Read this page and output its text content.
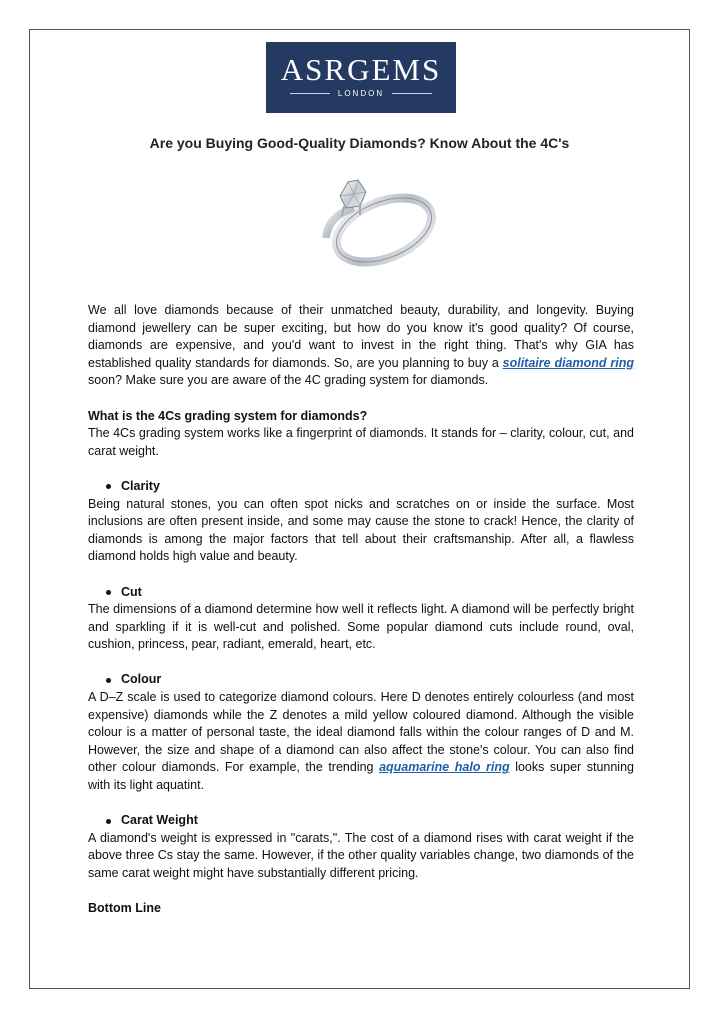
ASRGEMS
LONDON
Are you Buying Good-Quality Diamonds? Know About the 4C's

We all love diamonds because of their unmatched beauty, durability, and longevity. Buying diamond jewellery can be super exciting, but how do you know it's good quality? Of course, diamonds are expensive, and you'd want to invest in the right thing. That's why GIA has established quality standards for diamonds. So, are you planning to buy a solitaire diamond ring soon? Make sure you are aware of the 4C grading system for diamonds.

What is the 4Cs grading system for diamonds?

The 4Cs grading system works like a fingerprint of diamonds. It stands for – clarity, colour, cut, and carat weight.

Clarity

Being natural stones, you can often spot nicks and scratches on or inside the surface. Most inclusions are often present inside, and some may cause the stone to crack! Hence, the clarity of diamonds is among the major factors that tell about their craftsmanship. After all, a flawless diamond holds high value and beauty.

Cut

The dimensions of a diamond determine how well it reflects light. A diamond will be perfectly bright and sparkling if it is well-cut and polished. Some popular diamond cuts include round, oval, cushion, princess, pear, radiant, emerald, heart, etc.

Colour

A D–Z scale is used to categorize diamond colours. Here D denotes entirely colourless (and most expensive) diamonds while the Z denotes a mild yellow coloured diamond. Although the visible colour is a matter of personal taste, the ideal diamond falls within the colour ranges of D and M. However, the size and shape of a diamond can also affect the stone's colour. You can also find other colour diamonds. For example, the trending aquamarine halo ring looks super stunning with its light aquatint.

Carat Weight

A diamond's weight is expressed in "carats,". The cost of a diamond rises with carat weight if the above three Cs stay the same. However, if the other quality variables change, two diamonds of the same carat weight might have substantially different pricing.

Bottom Line
